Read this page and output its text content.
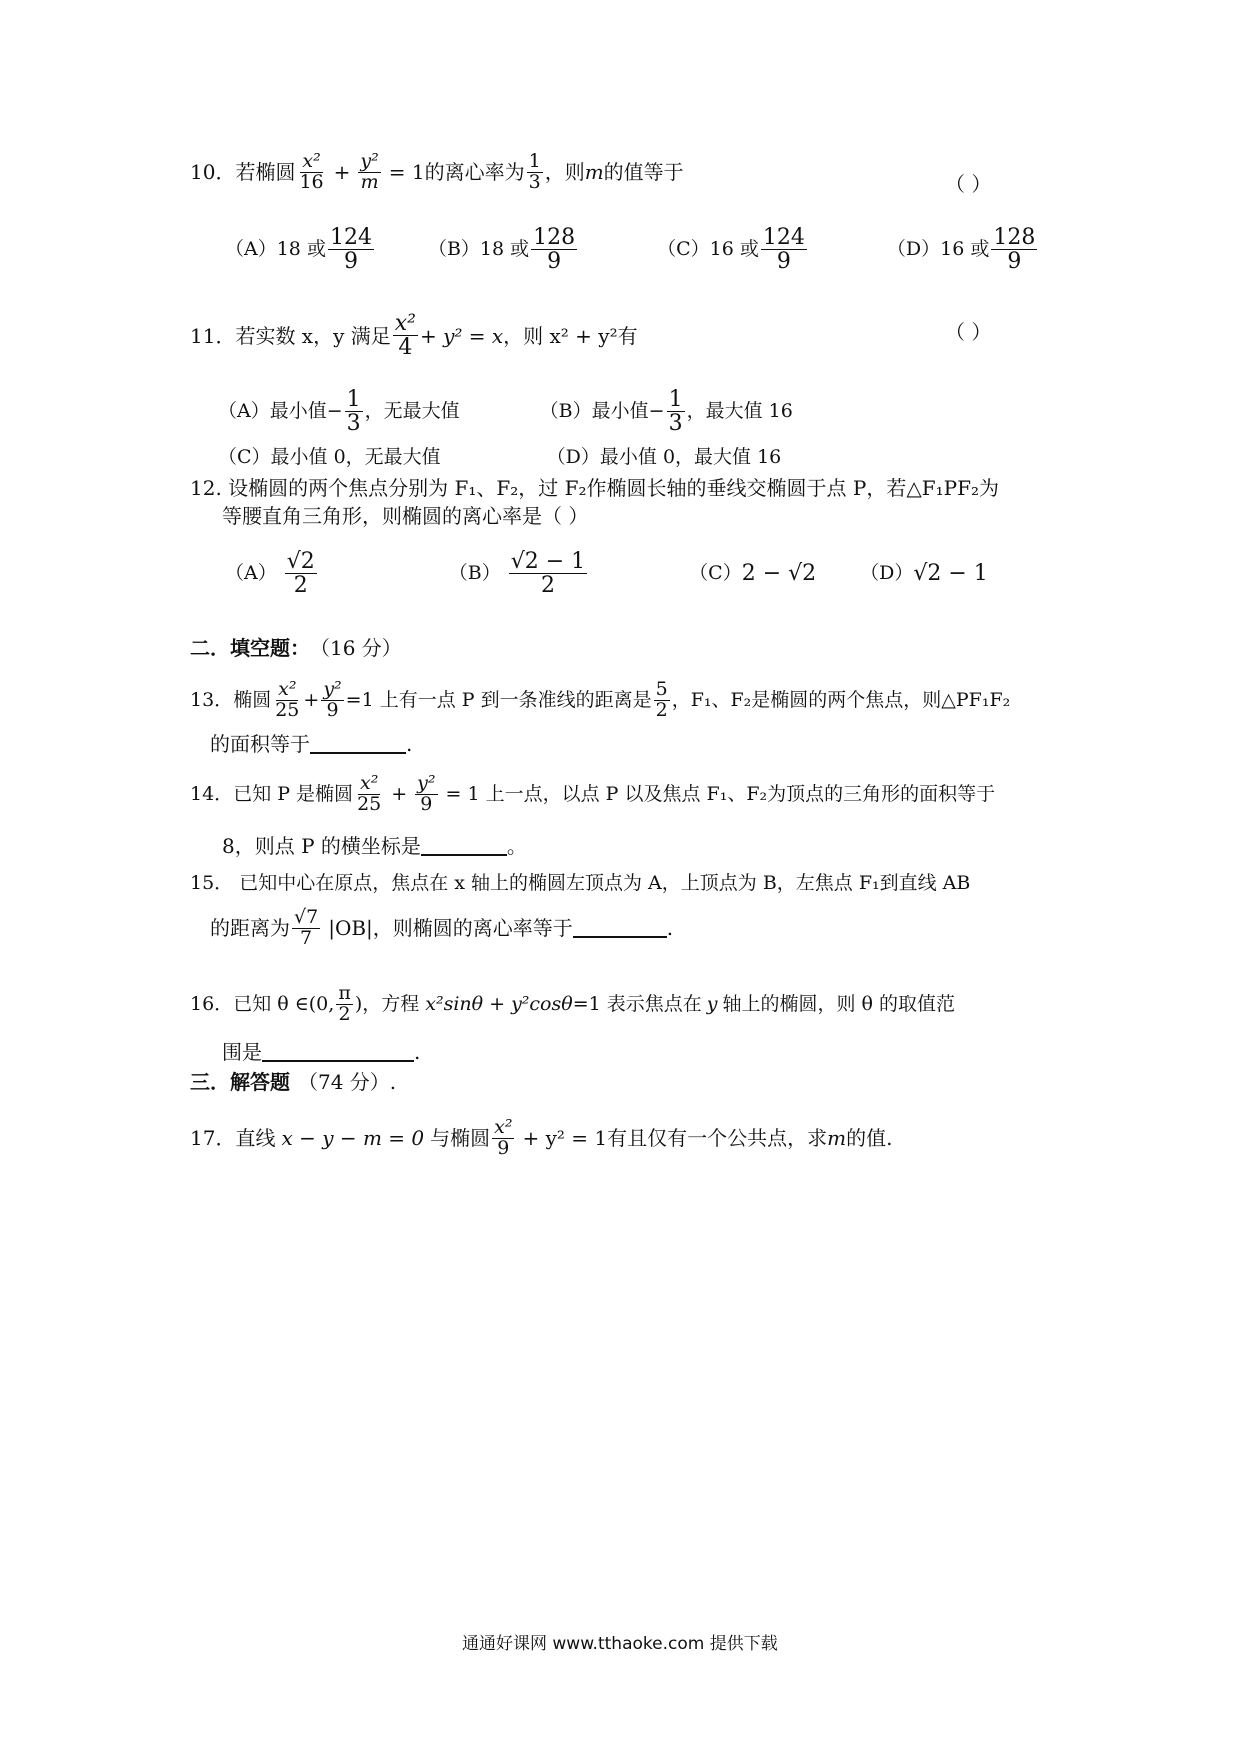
10． 若椭圆 $\frac{\text{x²}}{16} + \frac{\text{y²}}{m} = 1$的离心率为 $\frac{1}{3}$ ，则 m 的值等于	（ ）
（A）18 或 $\frac{124}{9}$	（B）18 或 $\frac{128}{9}$	（C）16 或 $\frac{124}{9}$	（D）16 或 $\frac{128}{9}$
11． 若实数 x，y 满足 $\frac{\text{x²}}{4} + y^2 = x$ ，则 x² + y²有	（ ）
（A）最小值− $\frac{1}{3}$ ，无最大值	（B）最小值− $\frac{1}{3}$ ，最大值 16
（C）最小值 0，无最大值	（D）最小值 0，最大值 16
12. 设椭圆的两个焦点分别为 F₁、F₂，过 F₂作椭圆长轴的垂线交椭圆于点 P，若△F₁PF₂为
等腰直角三角形，则椭圆的离心率是（ ）
$(A) \frac{√2}{2}$	$(B) \frac{√2 - 1}{2}$	（C） 2 − √2 （D） √2 − 1
二．填空题： （16 分）
13． 椭圆 $\frac{\text{x²}}{25} + \frac{\text{y²}}{9} =1$ 上有一点 P 到一条准线的距离是 $\frac{5}{2}$ ，F₁、F₂是椭圆的两个焦点，则△PF₁F₂
的面积等于	.
14． 已知 P 是椭圆 $\frac{\text{x²}}{25} + \frac{\text{y²}}{9} = 1$ 上一点，以点 P 以及焦点 F₁、F₂为顶点的三角形的面积等于
8，则点 P 的横坐标是	。
15． 已知中心在原点，焦点在 x 轴上的椭圆左顶点为 A，上顶点为 B，左焦点 F₁到直线 AB
的距离为 $\frac{√7}{7} |OB|$，则椭圆的离心率等于	.
16． 已知 θ ∈(0, $\frac{\pi}{2}$ )，方程 x²sinθ + y²cosθ =1 表示焦点在 y 轴上的椭圆，则 θ 的取值范
围是	.
三．解答题 （74 分）.
17． 直线 x − y − m = 0 与椭圆 $\frac{\text{x²}}{9} + y^2 = 1$有且仅有一个公共点，求 m 的值.
通通好课网 www.tthaoke.com 提供下载
